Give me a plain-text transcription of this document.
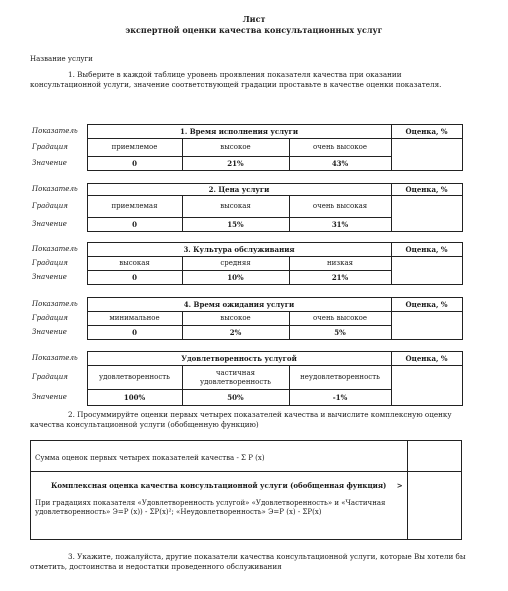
Лист
экспертной оценки качества консультационных услуг
Название услуги
1. Выберите в каждой таблице уровень проявления показателя качества при оказании консультационной услуги, значение соответствующей градации проставьте в качестве оценки показателя.
Показатель	1. Время исполнения услуги			Оценка, %
Градация	приемлемое	высокое	очень высокое	
Значение	0	21%	43%	
Показатель	2. Цена услуги			Оценка, %
Градация	приемлемая	высокая	очень высокая	
Значение	0	15%	31%	
Показатель	3. Культура обслуживания			Оценка, %
Градация	высокая	средняя	низкая	
Значение	0	10%	21%	
Показатель	4. Время ожидания услуги			Оценка, %
Градация	минимальное	высокое	очень высокое	
Значение	0	2%	5%	
Показатель	Удовлетворенность услугой			Оценка, %
Градация	удовлетворенность	частичная удовлетворенность	неудовлетворенность	
Значение	100%	50%	-1%	
2. Просуммируйте оценки первых четырех показателей качества и вычислите комплексную оценку качества консультационной услуги (обобщенную функцию)
Сумма оценок первых четырех показателей качества - Σ P (x)
Комплексная оценка качества консультационной услуги (обобщенная функция) >
При градациях показателя «Удовлетворенность услугой» «Удовлетворенность» и «Частичная удовлетворенность» Э=Р (x)) - ΣР(x)²; «Неудовлетворенность» Э=Р (x) - ΣР(x)
3. Укажите, пожалуйста, другие показатели качества консультационной услуги, которые Вы хотели бы отметить, достоинства и недостатки проведенного обслуживания
